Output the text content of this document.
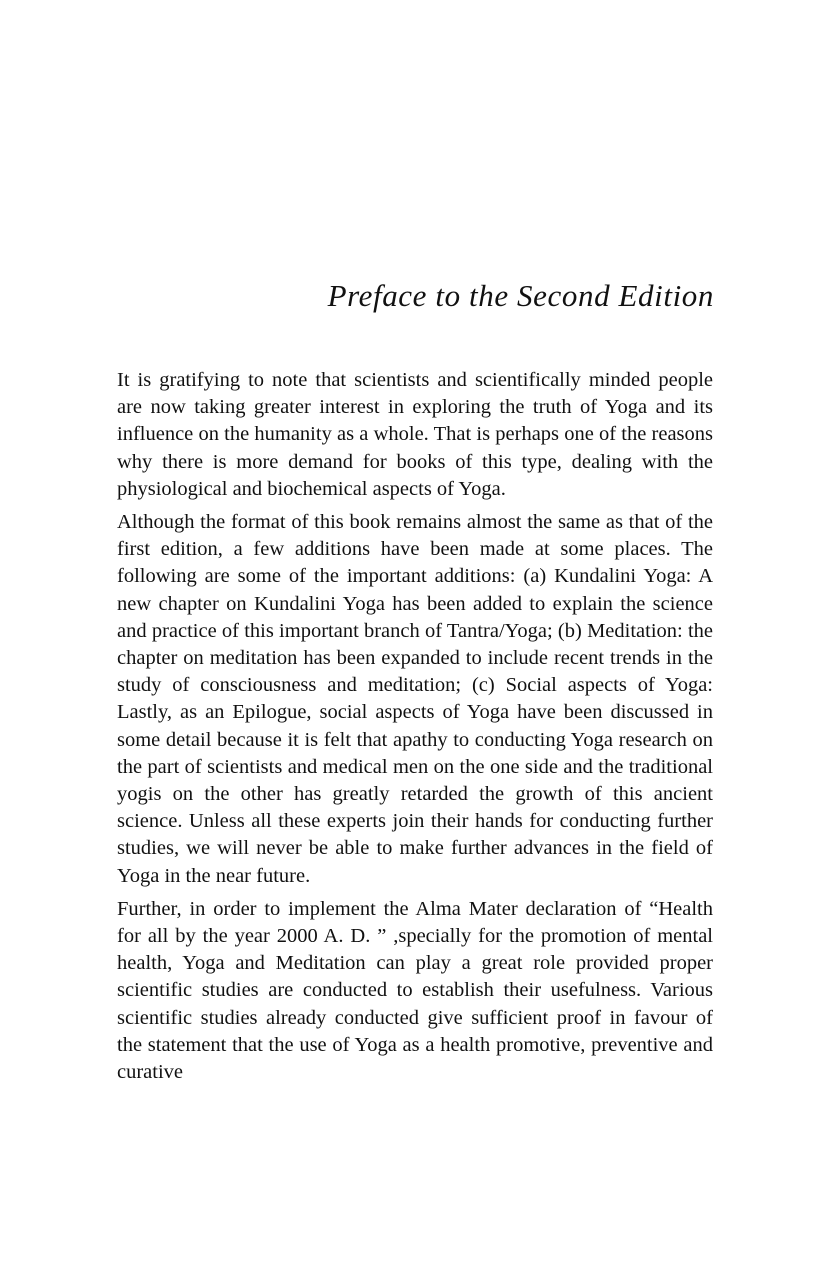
Preface to the Second Edition

It is gratifying to note that scientists and scientifically minded people are now taking greater interest in exploring the truth of Yoga and its influence on the humanity as a whole. That is perhaps one of the reasons why there is more demand for books of this type, dealing with the physiological and biochemical aspects of Yoga.

Although the format of this book remains almost the same as that of the first edition, a few additions have been made at some places. The following are some of the important additions: (a) Kundalini Yoga: A new chapter on Kundalini Yoga has been added to explain the science and practice of this important branch of Tantra/Yoga; (b) Meditation: the chapter on meditation has been expanded to include recent trends in the study of consciousness and meditation; (c) Social aspects of Yoga: Lastly, as an Epilogue, social aspects of Yoga have been discussed in some detail because it is felt that apathy to conducting Yoga research on the part of scientists and medical men on the one side and the traditional yogis on the other has greatly retarded the growth of this ancient science. Unless all these experts join their hands for conducting further studies, we will never be able to make further advances in the field of Yoga in the near future.

Further, in order to implement the Alma Mater declaration of “Health for all by the year 2000 A. D. ” ,specially for the promotion of mental health, Yoga and Meditation can play a great role provided proper scientific studies are conducted to establish their usefulness. Various scientific studies already conducted give sufficient proof in favour of the statement that the use of Yoga as a health promotive, preventive and curative
